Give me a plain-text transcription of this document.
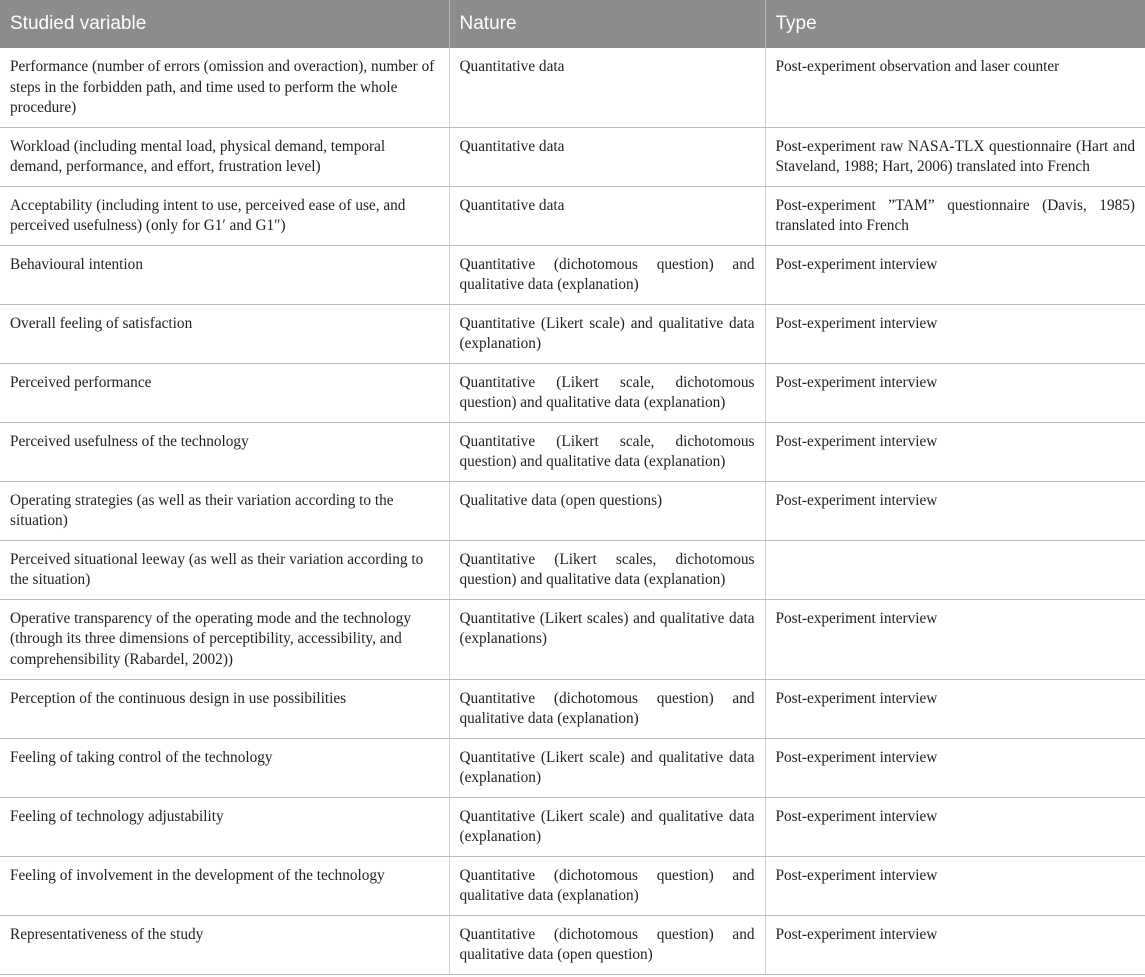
Studied variable	Nature	Type
Performance (number of errors (omission and overaction), number of steps in the forbidden path, and time used to perform the whole procedure)	Quantitative data	Post-experiment observation and laser counter
Workload (including mental load, physical demand, temporal demand, performance, and effort, frustration level)	Quantitative data	Post-experiment raw NASA-TLX questionnaire (Hart and Staveland, 1988; Hart, 2006) translated into French
Acceptability (including intent to use, perceived ease of use, and perceived usefulness) (only for G1′ and G1″)	Quantitative data	Post-experiment ”TAM” questionnaire (Davis, 1985) translated into French
Behavioural intention	Quantitative (dichotomous question) and qualitative data (explanation)	Post-experiment interview
Overall feeling of satisfaction	Quantitative (Likert scale) and qualitative data (explanation)	Post-experiment interview
Perceived performance	Quantitative (Likert scale, dichotomous question) and qualitative data (explanation)	Post-experiment interview
Perceived usefulness of the technology	Quantitative (Likert scale, dichotomous question) and qualitative data (explanation)	Post-experiment interview
Operating strategies (as well as their variation according to the situation)	Qualitative data (open questions)	Post-experiment interview
Perceived situational leeway (as well as their variation according to the situation)	Quantitative (Likert scales, dichotomous question) and qualitative data (explanation)	
Operative transparency of the operating mode and the technology (through its three dimensions of perceptibility, accessibility, and comprehensibility (Rabardel, 2002))	Quantitative (Likert scales) and qualitative data (explanations)	Post-experiment interview
Perception of the continuous design in use possibilities	Quantitative (dichotomous question) and qualitative data (explanation)	Post-experiment interview
Feeling of taking control of the technology	Quantitative (Likert scale) and qualitative data (explanation)	Post-experiment interview
Feeling of technology adjustability	Quantitative (Likert scale) and qualitative data (explanation)	Post-experiment interview
Feeling of involvement in the development of the technology	Quantitative (dichotomous question) and qualitative data (explanation)	Post-experiment interview
Representativeness of the study	Quantitative (dichotomous question) and qualitative data (open question)	Post-experiment interview
